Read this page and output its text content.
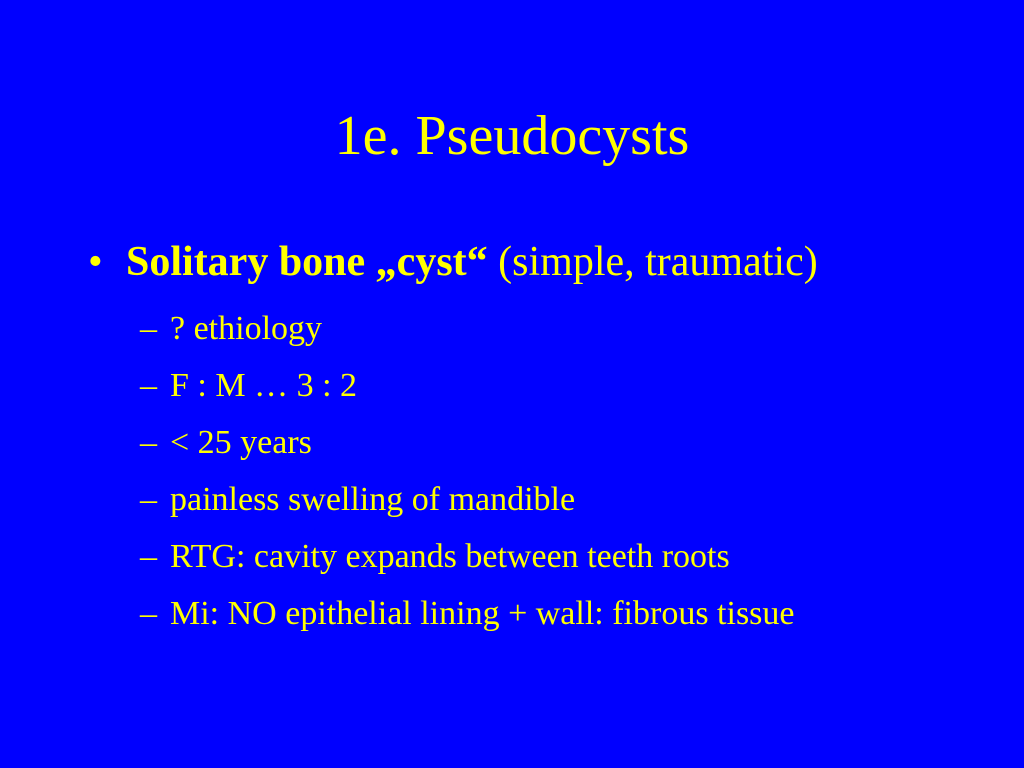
1e. Pseudocysts
• Solitary bone „cyst“ (simple, traumatic)
– ? ethiology
– F : M … 3 : 2
– < 25 years
– painless swelling of mandible
– RTG: cavity expands between teeth roots
– Mi: NO epithelial lining + wall: fibrous tissue
